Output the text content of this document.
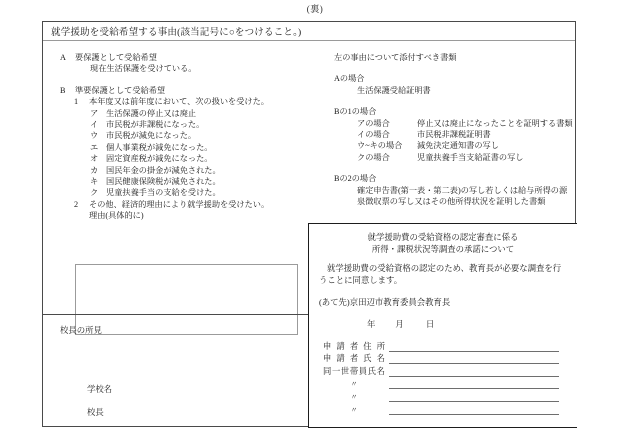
(裏)
就学援助を受給希望する事由(該当記号に○をつけること。)
A	要保護として受給希望
現在生活保護を受けている。
B	準要保護として受給希望
1	本年度又は前年度において、次の扱いを受けた。
ア 生活保護の停止又は廃止
イ 市民税が非課税になった。
ウ 市民税が減免になった。
エ 個人事業税が減免になった。
オ 固定資産税が減免になった。
カ 国民年金の掛金が減免された。
キ 国民健康保険税が減免された。
ク 児童扶養手当の支給を受けた。
2	その他、経済的理由により就学援助を受けたい。
理由(具体的に)
左の事由について添付すべき書類
Aの場合
生活保護受給証明書
Bの1の場合
アの場合	停止又は廃止になったことを証明する書類
イの場合	市民税非課税証明書
ウ~キの場合	減免決定通知書の写し
クの場合	児童扶養手当支給証書の写し
Bの2の場合
確定申告書(第一表・第二表)の写し若しくは給与所得の源
泉徴収票の写し又はその他所得状況を証明した書類
校長の所見
学校名
校長
就学援助費の受給資格の認定審査に係る
所得・課税状況等調査の承諾について
就学援助費の受給資格の認定のため、教育長が必要な調査を行うことに同意します。
(あて先)京田辺市教育委員会教育長
年 月	日
申請者住所
申請者氏名
同一世帯員氏名
〃
〃
〃
